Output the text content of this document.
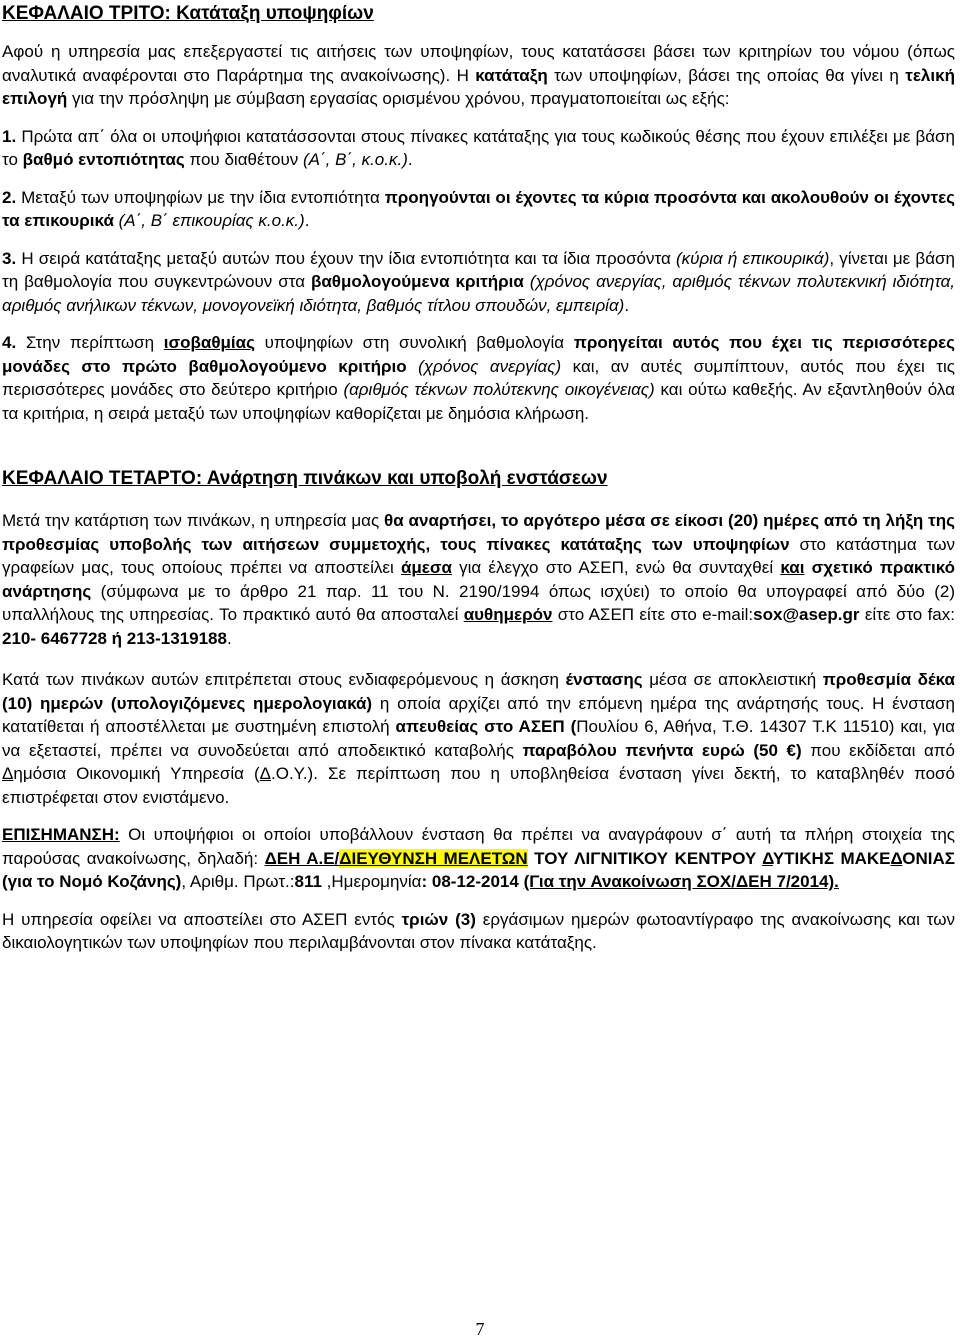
ΚΕΦΑΛΑΙΟ ΤΡΙΤΟ: Κατάταξη υποψηφίων

Αφού η υπηρεσία μας επεξεργαστεί τις αιτήσεις των υποψηφίων, τους κατατάσσει βάσει των κριτηρίων του νόμου (όπως αναλυτικά αναφέρονται στο Παράρτημα της ανακοίνωσης). Η κατάταξη των υποψηφίων, βάσει της οποίας θα γίνει η τελική επιλογή για την πρόσληψη με σύμβαση εργασίας ορισμένου χρόνου, πραγματοποιείται ως εξής:

1. Πρώτα απ΄ όλα οι υποψήφιοι κατατάσσονται στους πίνακες κατάταξης για τους κωδικούς θέσης που έχουν επιλέξει με βάση το βαθμό εντοπιότητας που διαθέτουν (Α΄, Β΄, κ.ο.κ.).

2. Μεταξύ των υποψηφίων με την ίδια εντοπιότητα προηγούνται οι έχοντες τα κύρια προσόντα και ακολουθούν οι έχοντες τα επικουρικά (Α΄, Β΄ επικουρίας κ.ο.κ.).

3. Η σειρά κατάταξης μεταξύ αυτών που έχουν την ίδια εντοπιότητα και τα ίδια προσόντα (κύρια ή επικουρικά), γίνεται με βάση τη βαθμολογία που συγκεντρώνουν στα βαθμολογούμενα κριτήρια (χρόνος ανεργίας, αριθμός τέκνων πολυτεκνική ιδιότητα, αριθμός ανήλικων τέκνων, μονογονεϊκή ιδιότητα, βαθμός τίτλου σπουδών, εμπειρία).

4. Στην περίπτωση ισοβαθμίας υποψηφίων στη συνολική βαθμολογία προηγείται αυτός που έχει τις περισσότερες μονάδες στο πρώτο βαθμολογούμενο κριτήριο (χρόνος ανεργίας) και, αν αυτές συμπίπτουν, αυτός που έχει τις περισσότερες μονάδες στο δεύτερο κριτήριο (αριθμός τέκνων πολύτεκνης οικογένειας) και ούτω καθεξής. Αν εξαντληθούν όλα τα κριτήρια, η σειρά μεταξύ των υποψηφίων καθορίζεται με δημόσια κλήρωση.

ΚΕΦΑΛΑΙΟ ΤΕΤΑΡΤΟ: Ανάρτηση πινάκων και υποβολή ενστάσεων

Μετά την κατάρτιση των πινάκων, η υπηρεσία μας θα αναρτήσει, το αργότερο μέσα σε είκοσι (20) ημέρες από τη λήξη της προθεσμίας υποβολής των αιτήσεων συμμετοχής, τους πίνακες κατάταξης των υποψηφίων στο κατάστημα των γραφείων μας, τους οποίους πρέπει να αποστείλει άμεσα για έλεγχο στο ΑΣΕΠ, ενώ θα συνταχθεί και σχετικό πρακτικό ανάρτησης (σύμφωνα με το άρθρο 21 παρ. 11 του Ν. 2190/1994 όπως ισχύει) το οποίο θα υπογραφεί από δύο (2) υπαλλήλους της υπηρεσίας. Το πρακτικό αυτό θα αποσταλεί αυθημερόν στο ΑΣΕΠ είτε στο e-mail:sox@asep.gr είτε στο fax: 210- 6467728 ή 213-1319188.

Κατά των πινάκων αυτών επιτρέπεται στους ενδιαφερόμενους η άσκηση ένστασης μέσα σε αποκλειστική προθεσμία δέκα (10) ημερών (υπολογιζόμενες ημερολογιακά) η οποία αρχίζει από την επόμενη ημέρα της ανάρτησής τους. Η ένσταση κατατίθεται ή αποστέλλεται με συστημένη επιστολή απευθείας στο ΑΣΕΠ (Πουλίου 6, Αθήνα, Τ.Θ. 14307 Τ.Κ 11510) και, για να εξεταστεί, πρέπει να συνοδεύεται από αποδεικτικό καταβολής παραβόλου πενήντα ευρώ (50 €) που εκδίδεται από Δημόσια Οικονομική Υπηρεσία (Δ.Ο.Υ.). Σε περίπτωση που η υποβληθείσα ένσταση γίνει δεκτή, το καταβληθέν ποσό επιστρέφεται στον ενιστάμενο.

ΕΠΙΣΗΜΑΝΣΗ: Οι υποψήφιοι οι οποίοι υποβάλλουν ένσταση θα πρέπει να αναγράφουν σ΄ αυτή τα πλήρη στοιχεία της παρούσας ανακοίνωσης, δηλαδή: ΔΕΗ Α.Ε/ΔΙΕΥΘΥΝΣΗ ΜΕΛΕΤΩΝ ΤΟΥ ΛΙΓΝΙΤΙΚΟΥ ΚΕΝΤΡΟΥ ΔΥΤΙΚΗΣ ΜΑΚΕΔΟΝΙΑΣ (για το Νομό Κοζάνης), Αριθμ. Πρωτ.:811 ,Ημερομηνία: 08-12-2014 (Για την Ανακοίνωση ΣΟΧ/ΔΕΗ 7/2014).

Η υπηρεσία οφείλει να αποστείλει στο ΑΣΕΠ εντός τριών (3) εργάσιμων ημερών φωτοαντίγραφο της ανακοίνωσης και των δικαιολογητικών των υποψηφίων που περιλαμβάνονται στον πίνακα κατάταξης.

7
